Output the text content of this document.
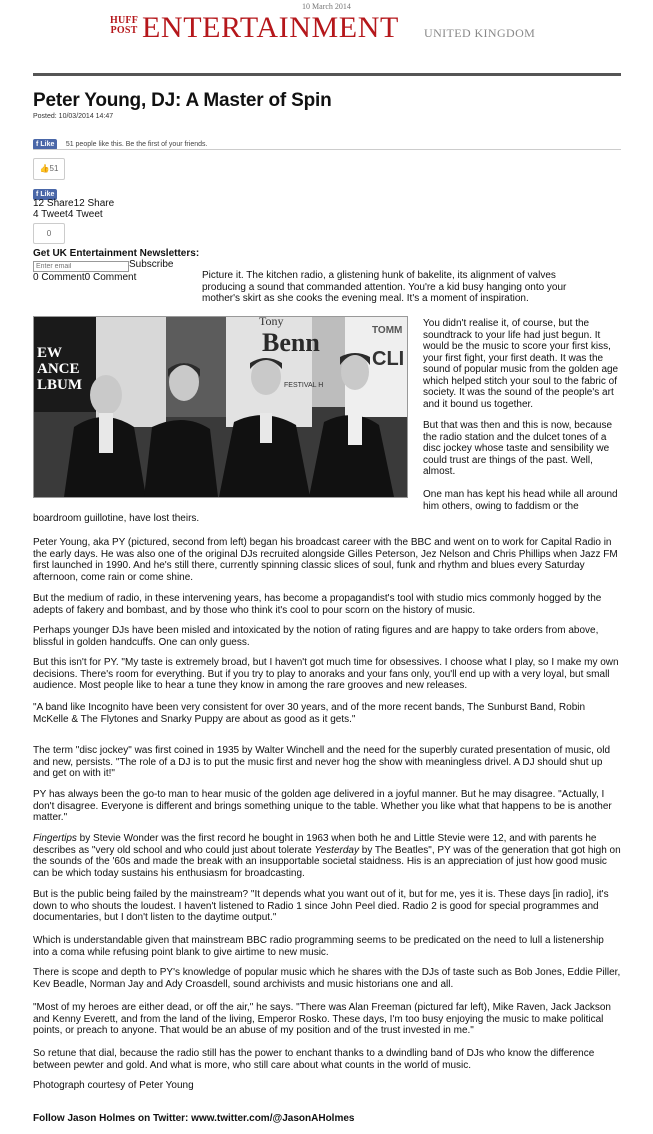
10 March 2014
HUFF
POST ENTERTAINMENT UNITED KINGDOM
Peter Young, DJ: A Master of Spin
Posted: 10/03/2014 14:47
f Like 51 people like this. Be the first of your friends.
👍51
f Like
12 Share12 Share
4 Tweet4 Tweet
0
Get UK Entertainment Newsletters:
Enter email
Subscribe
0 Comment0 Comment	Picture it. The kitchen radio, a glistening hunk of bakelite, its alignment of valves producing a sound that commanded attention. You're a kid busy hanging onto your mother's skirt as she cooks the evening meal. It's a moment of inspiration.

EW
ANCE
LBUM
Tony
Benn
FESTIVAL H
TOMM
CLI

You didn't realise it, of course, but the soundtrack to your life had just begun. It would be the music to score your first kiss, your first fight, your first death. It was the sound of popular music from the golden age which helped stitch your soul to the fabric of society. It was the sound of the people's art and it bound us together.

But that was then and this is now, because the radio station and the dulcet tones of a disc jockey whose taste and sensibility we could trust are things of the past. Well, almost.

One man has kept his head while all around him others, owing to faddism or the

boardroom guillotine, have lost theirs.

Peter Young, aka PY (pictured, second from left) began his broadcast career with the BBC and went on to work for Capital Radio in the early days. He was also one of the original DJs recruited alongside Gilles Peterson, Jez Nelson and Chris Phillips when Jazz FM first launched in 1990. And he's still there, currently spinning classic slices of soul, funk and rhythm and blues every Saturday afternoon, come rain or come shine.

But the medium of radio, in these intervening years, has become a propagandist's tool with studio mics commonly hogged by the adepts of fakery and bombast, and by those who think it's cool to pour scorn on the history of music.

Perhaps younger DJs have been misled and intoxicated by the notion of rating figures and are happy to take orders from above, blissful in golden handcuffs. One can only guess.

But this isn't for PY. "My taste is extremely broad, but I haven't got much time for obsessives. I choose what I play, so I make my own decisions. There's room for everything. But if you try to play to anoraks and your fans only, you'll end up with a very loyal, but small audience. Most people like to hear a tune they know in among the rare grooves and new releases.

"A band like Incognito have been very consistent for over 30 years, and of the more recent bands, The Sunburst Band, Robin McKelle & The Flytones and Snarky Puppy are about as good as it gets."

The term "disc jockey" was first coined in 1935 by Walter Winchell and the need for the superbly curated presentation of music, old and new, persists. "The role of a DJ is to put the music first and never hog the show with meaningless drivel. A DJ should shut up and get on with it!"

PY has always been the go-to man to hear music of the golden age delivered in a joyful manner. But he may disagree. "Actually, I don't disagree. Everyone is different and brings something unique to the table. Whether you like what that happens to be is another matter."

Fingertips by Stevie Wonder was the first record he bought in 1963 when both he and Little Stevie were 12, and with parents he describes as "very old school and who could just about tolerate Yesterday by The Beatles", PY was of the generation that got high on the sounds of the '60s and made the break with an insupportable societal staidness. His is an appreciation of just how good music can be which today sustains his enthusiasm for broadcasting.

But is the public being failed by the mainstream? "It depends what you want out of it, but for me, yes it is. These days [in radio], it's down to who shouts the loudest. I haven't listened to Radio 1 since John Peel died. Radio 2 is good for special programmes and documentaries, but I don't listen to the daytime output."

Which is understandable given that mainstream BBC radio programming seems to be predicated on the need to lull a listenership into a coma while refusing point blank to give airtime to new music.

There is scope and depth to PY's knowledge of popular music which he shares with the DJs of taste such as Bob Jones, Eddie Piller, Kev Beadle, Norman Jay and Ady Croasdell, sound archivists and music historians one and all.

"Most of my heroes are either dead, or off the air," he says. "There was Alan Freeman (pictured far left), Mike Raven, Jack Jackson and Kenny Everett, and from the land of the living, Emperor Rosko. These days, I'm too busy enjoying the music to make political points, or preach to anyone. That would be an abuse of my position and of the trust invested in me."

So retune that dial, because the radio still has the power to enchant thanks to a dwindling band of DJs who know the difference between pewter and gold. And what is more, who still care about what counts in the world of music.

Photograph courtesy of Peter Young

Follow Jason Holmes on Twitter: www.twitter.com/@JasonAHolmes
